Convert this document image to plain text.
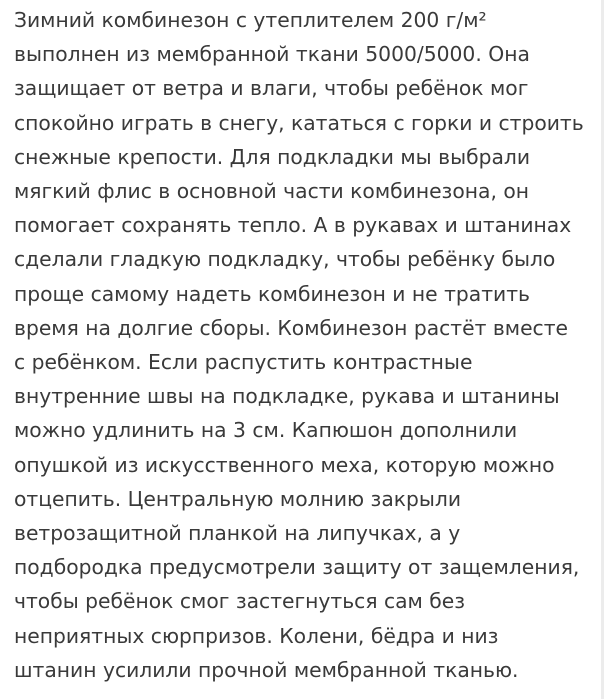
Зимний комбинезон с утеплителем 200 г/м²
выполнен из мембранной ткани 5000/5000. Она
защищает от ветра и влаги, чтобы ребёнок мог
спокойно играть в снегу, кататься с горки и строить
снежные крепости. Для подкладки мы выбрали
мягкий флис в основной части комбинезона, он
помогает сохранять тепло. А в рукавах и штанинах
сделали гладкую подкладку, чтобы ребёнку было
проще самому надеть комбинезон и не тратить
время на долгие сборы. Комбинезон растёт вместе
с ребёнком. Если распустить контрастные
внутренние швы на подкладке, рукава и штанины
можно удлинить на 3 см. Капюшон дополнили
опушкой из искусственного меха, которую можно
отцепить. Центральную молнию закрыли
ветрозащитной планкой на липучках, а у
подбородка предусмотрели защиту от защемления,
чтобы ребёнок смог застегнуться сам без
неприятных сюрпризов. Колени, бёдра и низ
штанин усилили прочной мембранной тканью.
